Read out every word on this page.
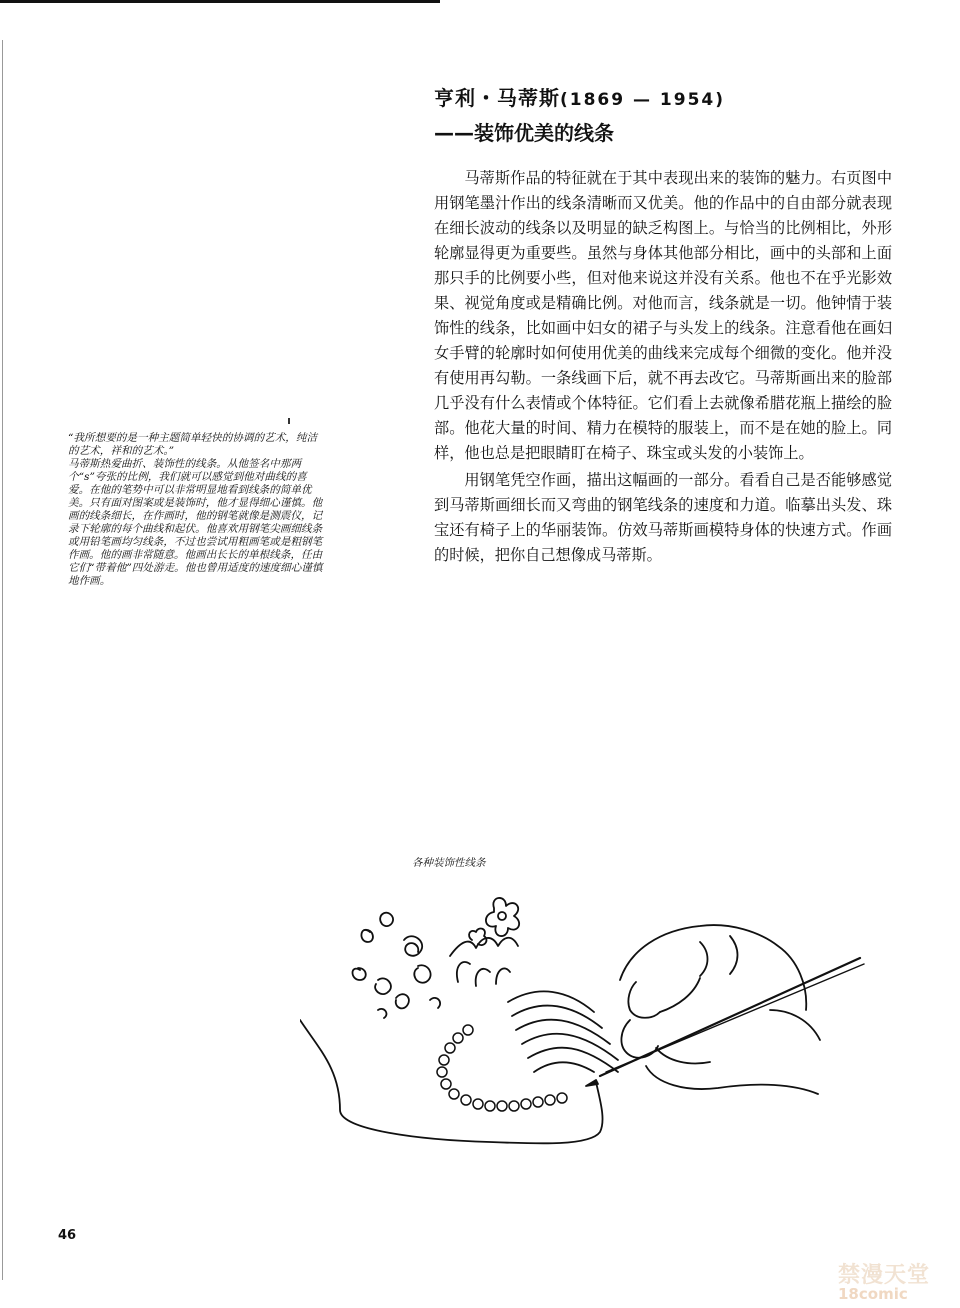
亨利・马蒂斯(1869 — 1954)
——装饰优美的线条

马蒂斯作品的特征就在于其中表现出来的装饰的魅力。右页图中用钢笔墨汁作出的线条清晰而又优美。他的作品中的自由部分就表现在细长波动的线条以及明显的缺乏构图上。与恰当的比例相比，外形轮廓显得更为重要些。虽然与身体其他部分相比，画中的头部和上面那只手的比例要小些，但对他来说这并没有关系。他也不在乎光影效果、视觉角度或是精确比例。对他而言，线条就是一切。他钟情于装饰性的线条，比如画中妇女的裙子与头发上的线条。注意看他在画妇女手臂的轮廓时如何使用优美的曲线来完成每个细微的变化。他并没有使用再勾勒。一条线画下后，就不再去改它。马蒂斯画出来的脸部几乎没有什么表情或个体特征。它们看上去就像希腊花瓶上描绘的脸部。他花大量的时间、精力在模特的服装上，而不是在她的脸上。同样，他也总是把眼睛盯在椅子、珠宝或头发的小装饰上。

用钢笔凭空作画，描出这幅画的一部分。看看自己是否能够感觉到马蒂斯画细长而又弯曲的钢笔线条的速度和力道。临摹出头发、珠宝还有椅子上的华丽装饰。仿效马蒂斯画模特身体的快速方式。作画的时候，把你自己想像成马蒂斯。

“我所想要的是一种主题简单轻快的协调的艺术，纯洁的艺术，祥和的艺术。”

马蒂斯热爱曲折、装饰性的线条。从他签名中那两个“s”夸张的比例，我们就可以感觉到他对曲线的喜爱。在他的笔势中可以非常明显地看到线条的简单优美。只有面对图案或是装饰时，他才显得细心谨慎。他画的线条细长，在作画时，他的钢笔就像是测震仪，记录下轮廓的每个曲线和起伏。他喜欢用钢笔尖画细线条或用铅笔画均匀线条，不过也尝试用粗画笔或是粗钢笔作画。他的画非常随意。他画出长长的单根线条，任由它们“带着他”四处游走。他也曾用适度的速度细心谨慎地作画。

各种装饰性线条
46
禁漫天堂
18comic
